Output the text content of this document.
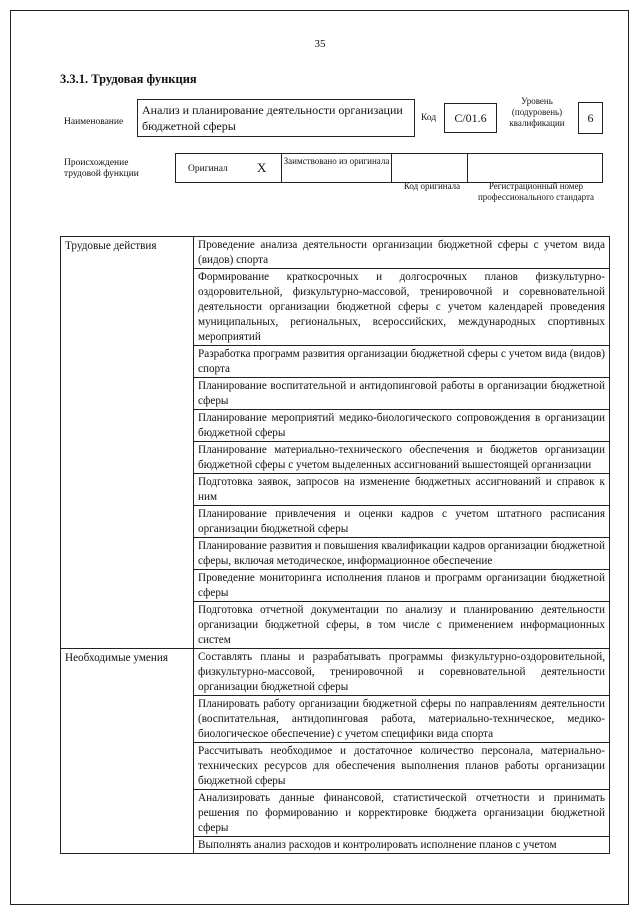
35
3.3.1. Трудовая функция
Наименование
Анализ и планирование деятельности организации бюджетной сферы
Код	С/01.6
Уровень (подуровень) квалификации	6
Происхождение трудовой функции	Оригинал Х Заимствовано из оригинала
Код оригинала	Регистрационный номер профессионального стандарта
Трудовые действия	Проведение анализа деятельности организации бюджетной сферы с учетом вида (видов) спорта
	Формирование краткосрочных и долгосрочных планов физкультурно-оздоровительной, физкультурно-массовой, тренировочной и соревновательной деятельности организации бюджетной сферы с учетом календарей проведения муниципальных, региональных, всероссийских, международных спортивных мероприятий
	Разработка программ развития организации бюджетной сферы с учетом вида (видов) спорта
	Планирование воспитательной и антидопинговой работы в организации бюджетной сферы
	Планирование мероприятий медико-биологического сопровождения в организации бюджетной сферы
	Планирование материально-технического обеспечения и бюджетов организации бюджетной сферы с учетом выделенных ассигнований вышестоящей организации
	Подготовка заявок, запросов на изменение бюджетных ассигнований и справок к ним
	Планирование привлечения и оценки кадров с учетом штатного расписания организации бюджетной сферы
	Планирование развития и повышения квалификации кадров организации бюджетной сферы, включая методическое, информационное обеспечение
	Проведение мониторинга исполнения планов и программ организации бюджетной сферы
	Подготовка отчетной документации по анализу и планированию деятельности организации бюджетной сферы, в том числе с применением информационных систем
Необходимые умения	Составлять планы и разрабатывать программы физкультурно-оздоровительной, физкультурно-массовой, тренировочной и соревновательной деятельности организации бюджетной сферы
	Планировать работу организации бюджетной сферы по направлениям деятельности (воспитательная, антидопинговая работа, материально-техническое, медико-биологическое обеспечение) с учетом специфики вида спорта
	Рассчитывать необходимое и достаточное количество персонала, материально-технических ресурсов для обеспечения выполнения планов работы организации бюджетной сферы
	Анализировать данные финансовой, статистической отчетности и принимать решения по формированию и корректировке бюджета организации бюджетной сферы
	Выполнять анализ расходов и контролировать исполнение планов с учетом
